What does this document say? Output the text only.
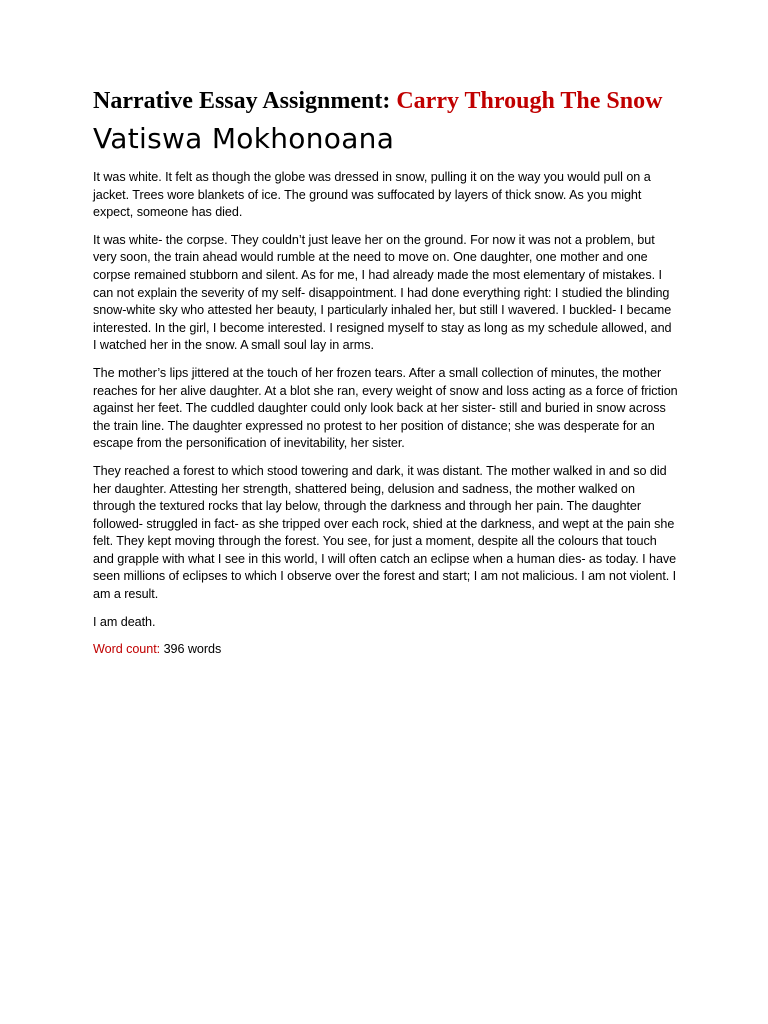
Narrative Essay Assignment: Carry Through The Snow
Vatiswa Mokhonoana

It was white. It felt as though the globe was dressed in snow, pulling it on the way you would pull on a jacket. Trees wore blankets of ice. The ground was suffocated by layers of thick snow. As you might expect, someone has died.

It was white- the corpse. They couldn’t just leave her on the ground. For now it was not a problem, but very soon, the train ahead would rumble at the need to move on. One daughter, one mother and one corpse remained stubborn and silent. As for me, I had already made the most elementary of mistakes. I can not explain the severity of my self- disappointment. I had done everything right: I studied the blinding snow-white sky who attested her beauty, I particularly inhaled her, but still I wavered. I buckled- I became interested. In the girl, I become interested. I resigned myself to stay as long as my schedule allowed, and I watched her in the snow. A small soul lay in arms.

The mother’s lips jittered at the touch of her frozen tears. After a small collection of minutes, the mother reaches for her alive daughter. At a blot she ran, every weight of snow and loss acting as a force of friction against her feet. The cuddled daughter could only look back at her sister- still and buried in snow across the train line. The daughter expressed no protest to her position of distance; she was desperate for an escape from the personification of inevitability, her sister.

They reached a forest to which stood towering and dark, it was distant. The mother walked in and so did her daughter. Attesting her strength, shattered being, delusion and sadness, the mother walked on through the textured rocks that lay below, through the darkness and through her pain. The daughter followed- struggled in fact- as she tripped over each rock, shied at the darkness, and wept at the pain she felt. They kept moving through the forest. You see, for just a moment, despite all the colours that touch and grapple with what I see in this world, I will often catch an eclipse when a human dies- as today. I have seen millions of eclipses to which I observe over the forest and start; I am not malicious. I am not violent. I am a result.

I am death.

Word count: 396 words
